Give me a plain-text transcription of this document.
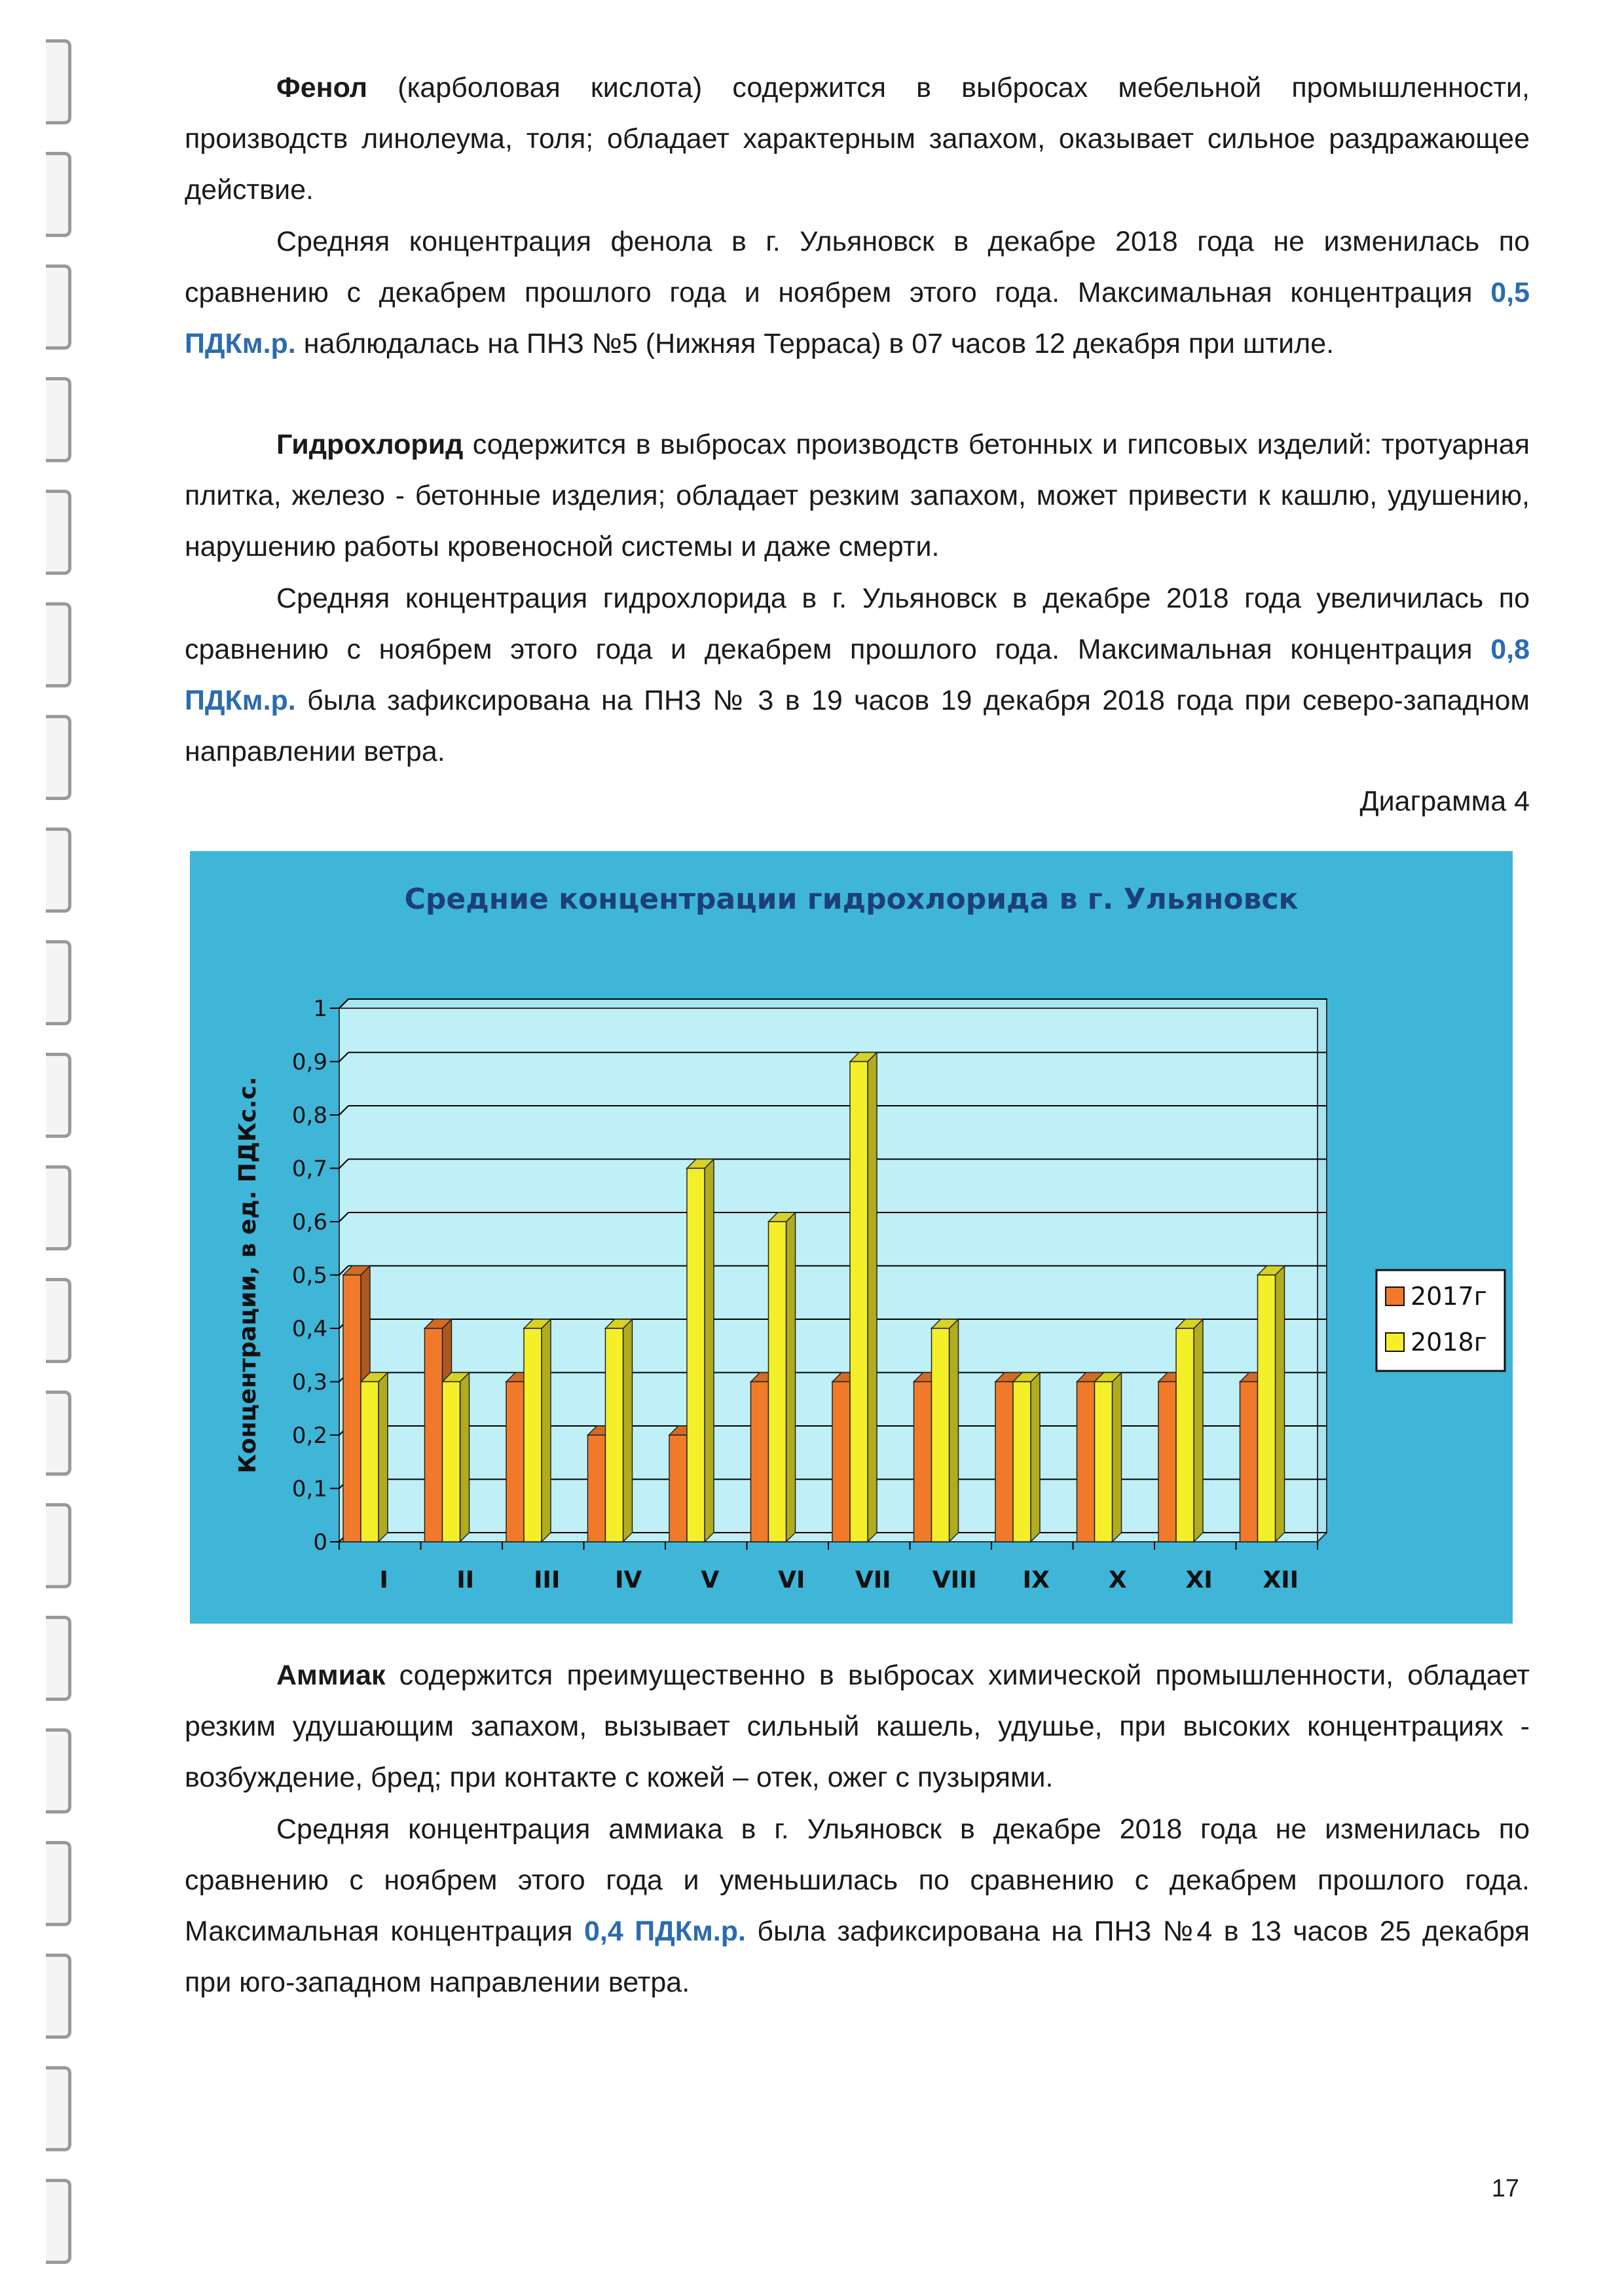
Фенол (карболовая кислота) содержится в выбросах мебельной промышленности, производств линолеума, толя; обладает характерным запахом, оказывает сильное раздражающее действие.

Средняя концентрация фенола в г. Ульяновск в декабре 2018 года не изменилась по сравнению с декабрем прошлого года и ноябрем этого года. Максимальная концентрация 0,5 ПДКм.р. наблюдалась на ПНЗ №5 (Нижняя Терраса) в 07 часов 12 декабря при штиле.

Гидрохлорид содержится в выбросах производств бетонных и гипсовых изделий: тротуарная плитка, железо - бетонные изделия; обладает резким запахом, может привести к кашлю, удушению, нарушению работы кровеносной системы и даже смерти.

Средняя концентрация гидрохлорида в г. Ульяновск в декабре 2018 года увеличилась по сравнению с ноябрем этого года и декабрем прошлого года. Максимальная концентрация 0,8 ПДКм.р. была зафиксирована на ПНЗ № 3 в 19 часов 19 декабря 2018 года при северо-западном направлении ветра.

Диаграмма 4
Средние концентрации гидрохлорида в г. Ульяновск
0
0,1
0,2
0,3
0,4
0,5
0,6
0,7
0,8
0,9
1
Концентрации, в ед. ПДКс.с.
I	II	III IV V VI VII VIII IX	X	XI XII
2017г
2018г

Аммиак содержится преимущественно в выбросах химической промышленности, обладает резким удушающим запахом, вызывает сильный кашель, удушье, при высоких концентрациях - возбуждение, бред; при контакте с кожей – отек, ожег с пузырями.

Средняя концентрация аммиака в г. Ульяновск в декабре 2018 года не изменилась по сравнению с ноябрем этого года и уменьшилась по сравнению с декабрем прошлого года. Максимальная концентрация 0,4 ПДКм.р. была зафиксирована на ПНЗ №4 в 13 часов 25 декабря при юго-западном направлении ветра.

17
